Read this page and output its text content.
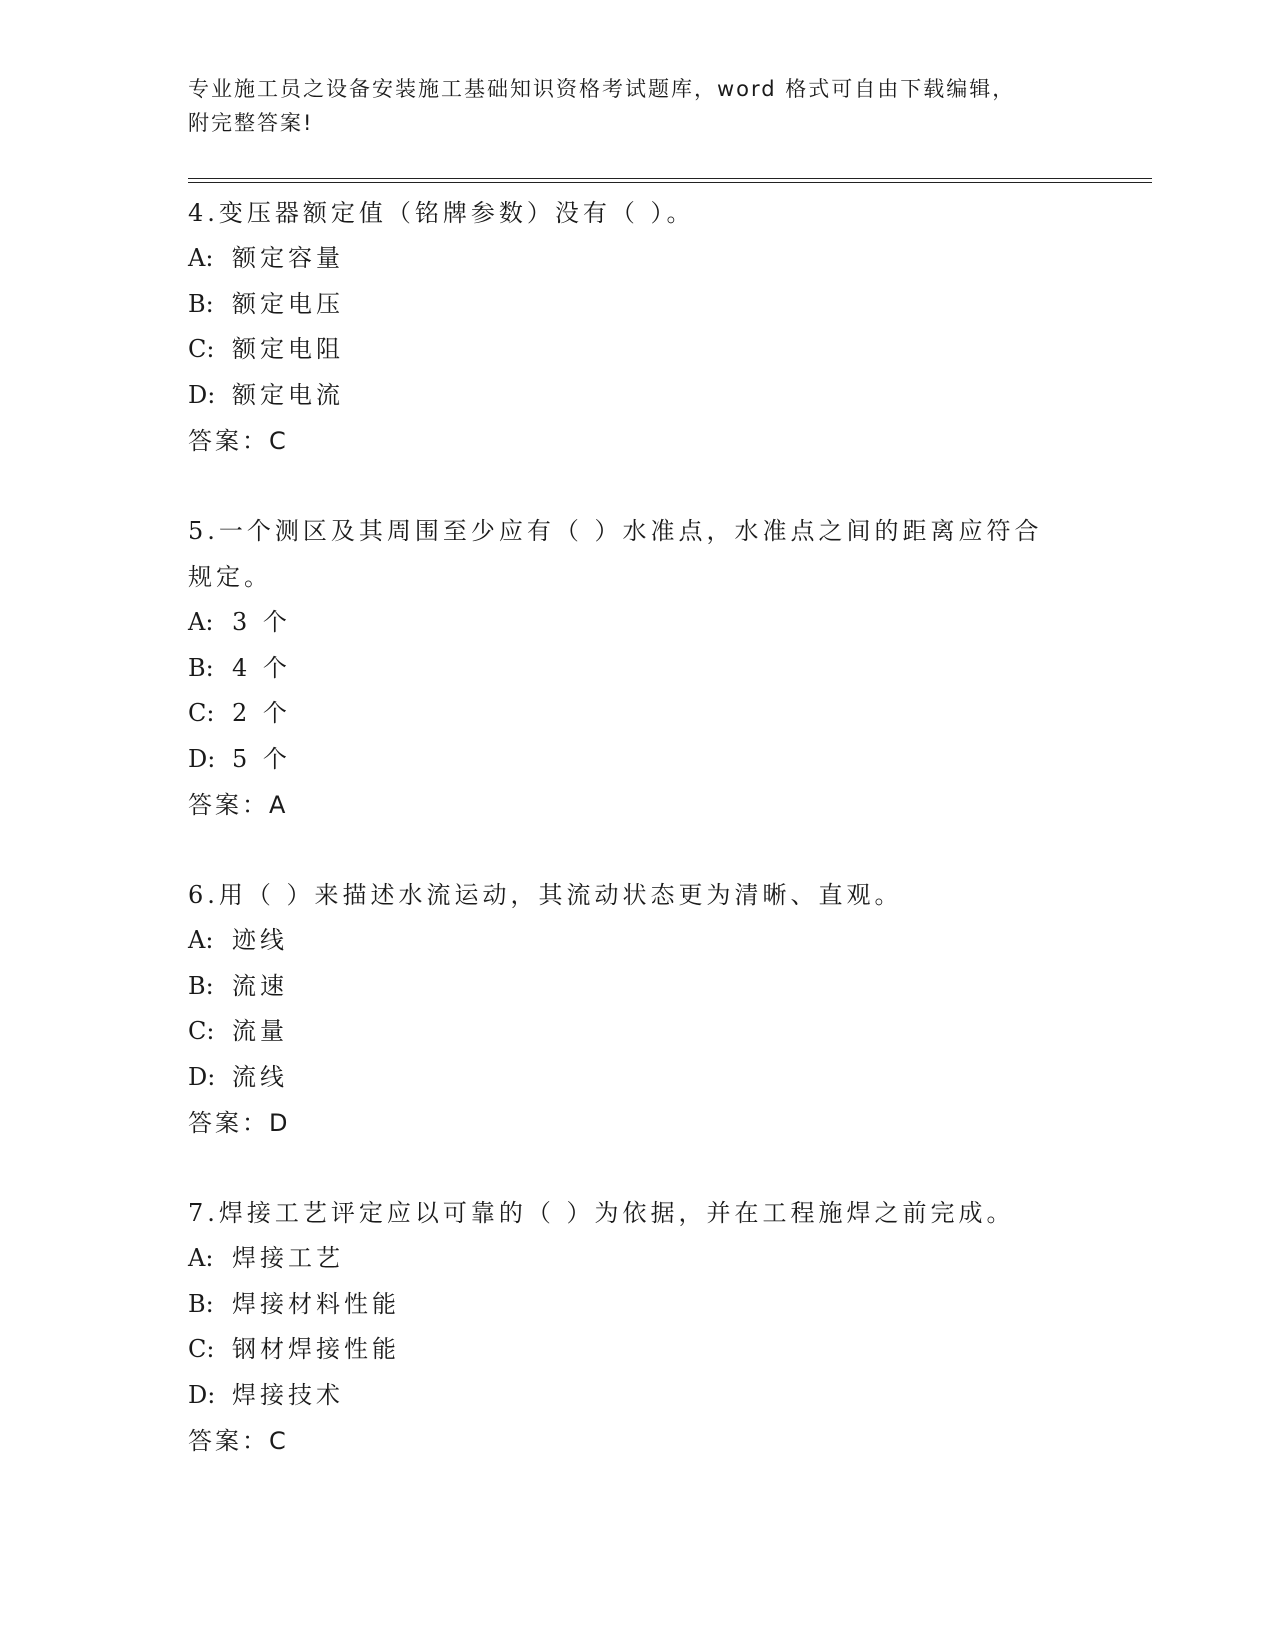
专业施工员之设备安装施工基础知识资格考试题库，word 格式可自由下载编辑，
附完整答案!
4.变压器额定值（铭牌参数）没有（ ）。
A: 额定容量
B: 额定电压
C: 额定电阻
D: 额定电流
答案：C
5.一个测区及其周围至少应有（ ）水准点，水准点之间的距离应符合
规定。
A: 3 个
B: 4 个
C: 2 个
D: 5 个
答案：A
6.用（ ）来描述水流运动，其流动状态更为清晰、直观。
A: 迹线
B: 流速
C: 流量
D: 流线
答案：D
7.焊接工艺评定应以可靠的（ ）为依据，并在工程施焊之前完成。
A: 焊接工艺
B: 焊接材料性能
C: 钢材焊接性能
D: 焊接技术
答案：C
